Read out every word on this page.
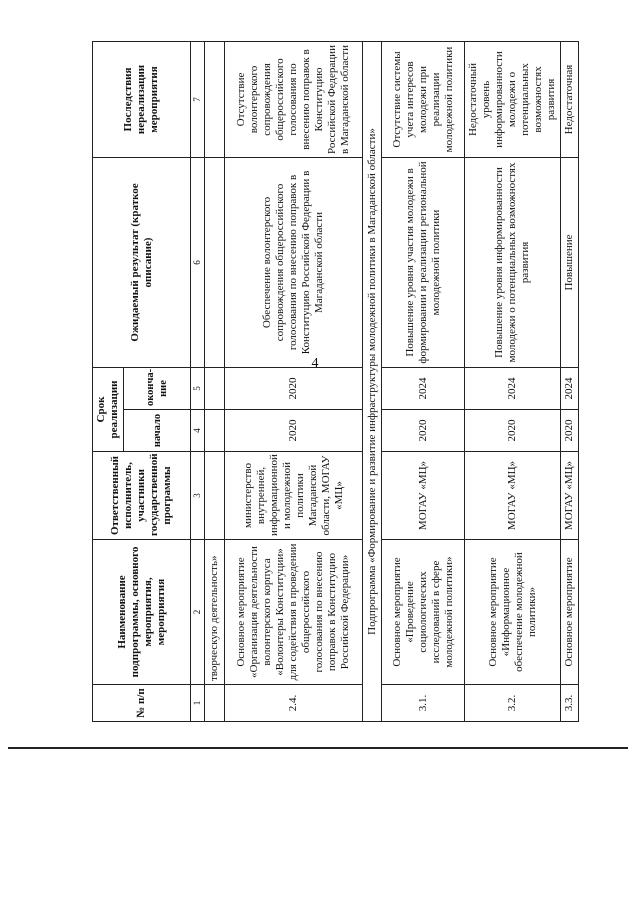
4
№ п/п	Наименование подпрограммы, основного мероприятия, мероприятия	Ответственный исполнитель, участники государственной программы	Срок реализации		Ожидаемый результат (краткое описание)	Последствия нереализации мероприятия
			начало	оконча-ние		
1	2	3	4	5	6	7
	творческую деятельность»					
2.4.	Основное мероприятие «Организация деятельности волонтерского корпуса «Волонтеры Конституции» для содействия в проведении общероссийского голосования по внесению поправок в Конституцию Российской Федерации»	министерство внутренней, информационной и молодежной политики Магаданской области, МОГАУ «МЦ»	2020	2020	Обеспечение волонтерского сопровождения общероссийского голосования по внесению поправок в Конституцию Российской Федерации в Магаданской области	Отсутствие волонтерского сопровождения общероссийского голосования по внесению поправок в Конституцию Российской Федерации в Магаданской области
Подпрограмма «Формирование и развитие инфраструктуры молодежной политики в Магаданской области»						
3.1.	Основное мероприятие «Проведение социологических исследований в сфере молодежной политики»	МОГАУ «МЦ»	2020	2024	Повышение уровня участия молодежи в формировании и реализации региональной молодежной политики	Отсутствие системы учета интересов молодежи при реализации молодежной политики
3.2.	Основное мероприятие «Информационное обеспечение молодежной политики»	МОГАУ «МЦ»	2020	2024	Повышение уровня информированности молодежи о потенциальных возможностях развития	Недостаточный уровень информированности молодежи о потенциальных возможностях развития
3.3.	Основное мероприятие	МОГАУ «МЦ»	2020	2024	Повышение	Недостаточная
